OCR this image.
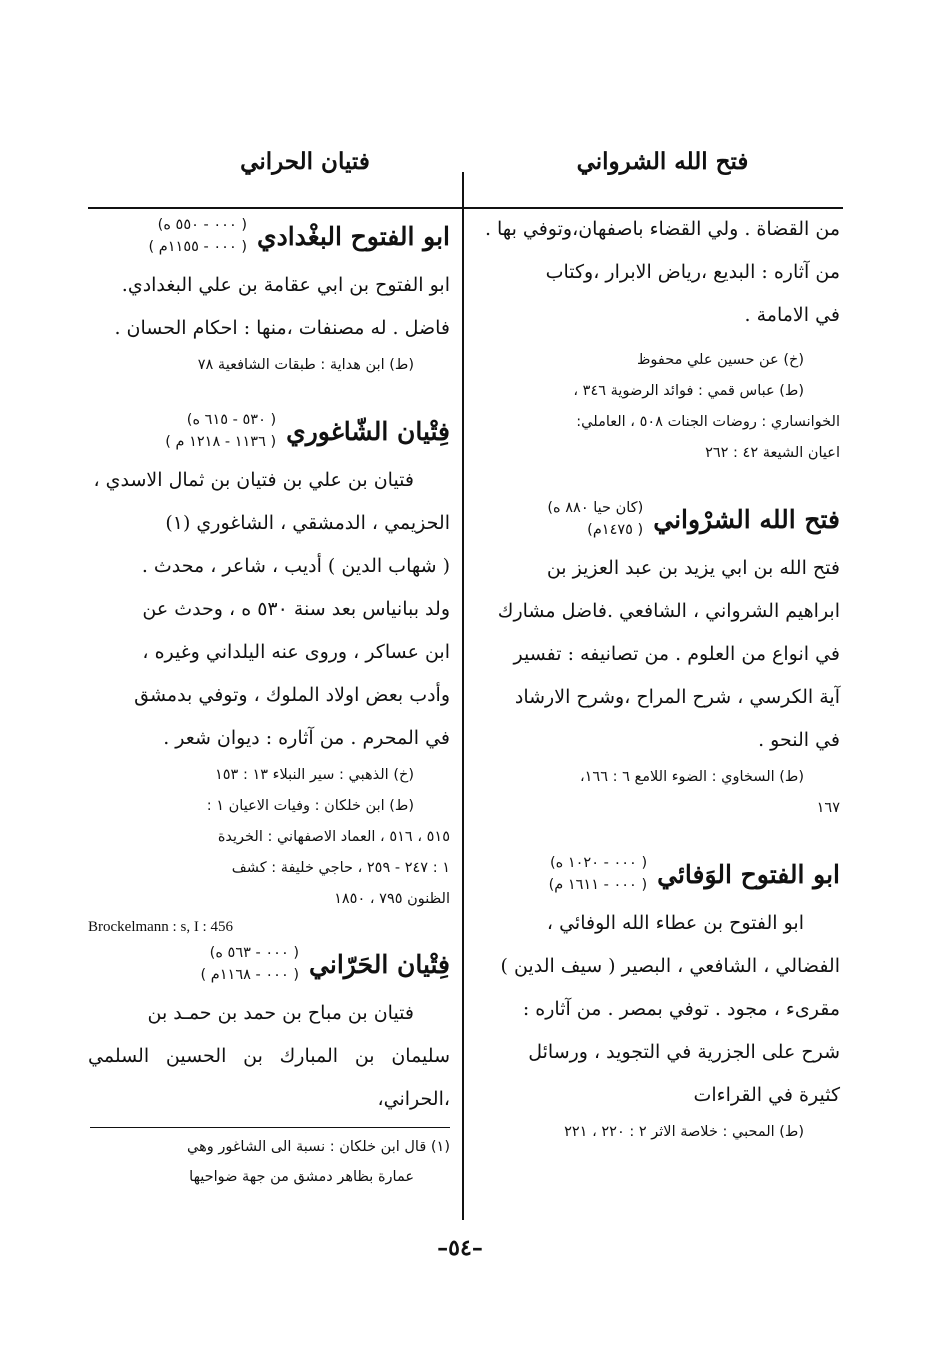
فتح الله الشرواني
فتيان الحراني

من القضاة . ولي القضاء باصفهان،وتوفي بها .

من آثاره : البديع ،رياض الابرار ،وكتاب

في الامامة .

(خ) عن حسين علي محفوظ

(ط) عباس قمي : فوائد الرضوية ٣٤٦ ،

الخوانساري : روضات الجنات ٥٠٨ ، العاملي:

اعيان الشيعة ٤٢ : ٢٦٢

فتح الله الشرْواني
(كان حيا ٨٨٠ ه)
( ١٤٧٥م)

فتح الله بن ابي يزيد بن عبد العزيز بن

ابراهيم الشرواني ، الشافعي .فاضل مشارك

في انواع من العلوم . من تصانيفه : تفسير

آية الكرسي ، شرح المراح ،وشرح الارشاد

في النحو .

(ط) السخاوي : الضوء اللامع ٦ : ١٦٦،

١٦٧

ابو الفتوح الوَفائي
( ٠٠٠ - ١٠٢٠ ه)
( ٠٠٠ - ١٦١١ م)

ابو الفتوح بن عطاء الله الوفائي ،

الفضالي ، الشافعي ، البصير ( سيف الدين )

مقرىء ، مجود . توفي بمصر . من آثاره :

شرح على الجزرية في التجويد ، ورسائل

كثيرة في القراءات

(ط) المحبي : خلاصة الاثر ٢ : ٢٢٠ ، ٢٢١

ابو الفتوح البغْدادي
( ٠٠٠ - ٥٥٠ ه)
( ٠٠٠ - ١١٥٥م )

ابو الفتوح بن ابي عقامة بن علي البغدادي.

فاضل . له مصنفات ،منها : احكام الحسان .

(ط) ابن هداية : طبقات الشافعية ٧٨

فِتْيان الشّاغوري
( ٥٣٠ - ٦١٥ ه)
( ١١٣٦ - ١٢١٨ م )

فتيان بن علي بن فتيان بن ثمال الاسدي ،

الحزيمي ، الدمشقي ، الشاغوري (١)

( شهاب الدين ) أديب ، شاعر ، محدث .

ولد ببانياس بعد سنة ٥٣٠ ه ، وحدث عن

ابن عساكر ، وروى عنه اليلداني وغيره ،

وأدب بعض اولاد الملوك ، وتوفي بدمشق

في المحرم . من آثاره : ديوان شعر .

(خ) الذهبي : سير النبلاء ١٣ : ١٥٣

(ط) ابن خلكان : وفيات الاعيان ١ :

٥١٥ ، ٥١٦ ، العماد الاصفهاني : الخريدة

١ : ٢٤٧ - ٢٥٩ ، حاجي خليفة : كشف

الظنون ٧٩٥ ، ١٨٥٠

Brockelmann : s, I : 456

فِتْيان الحَرّاني
( ٠٠٠ - ٥٦٣ ه)
( ٠٠٠ - ١١٦٨م )

فتيان بن مباح بن حمد بن حمـد بن

سليمان بن المبارك بن الحسين السلمي ،الحراني،

(١) قال ابن خلكان : نسبة الى الشاغور وهي

عمارة بظاهر دمشق من جهة ضواحيها

–٥٤–
